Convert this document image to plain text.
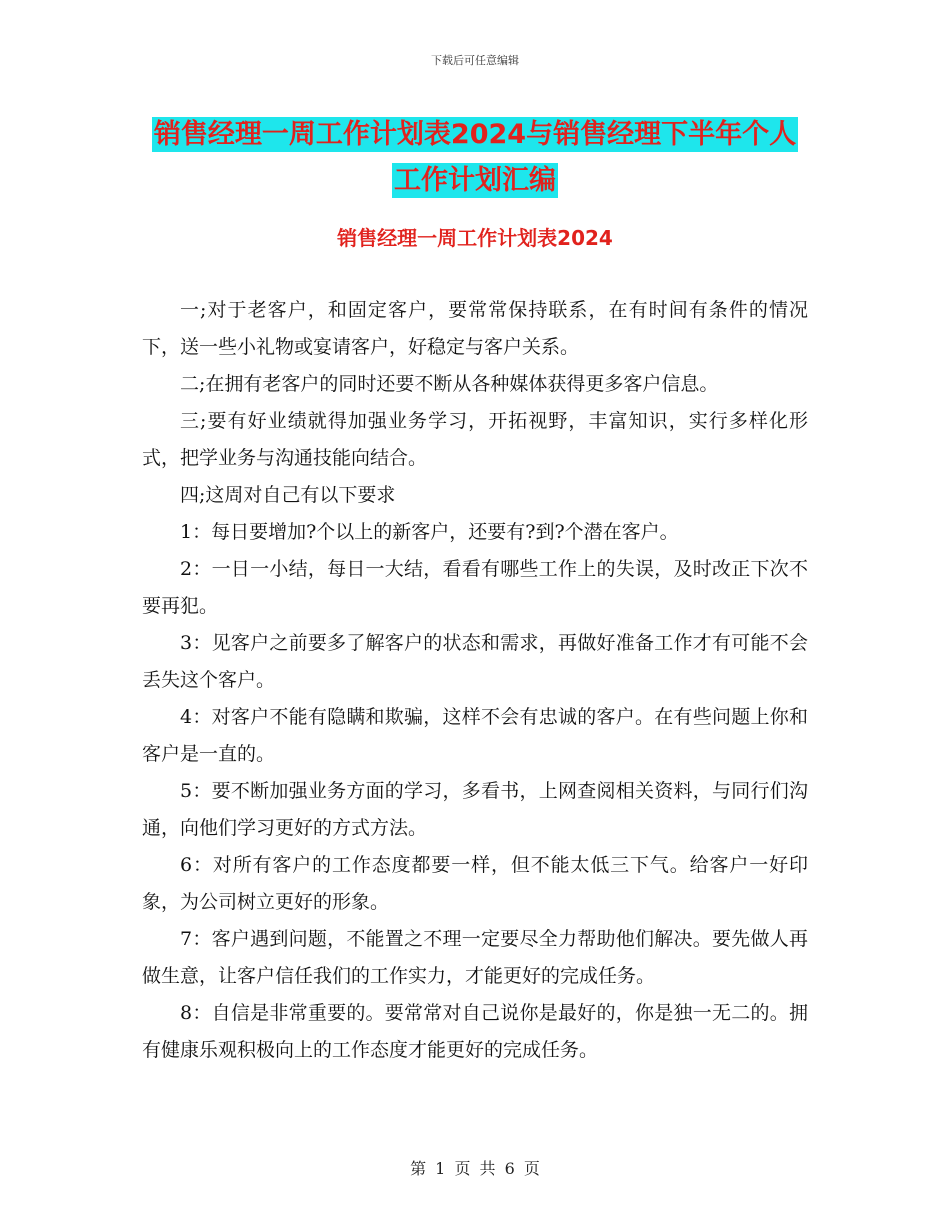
下载后可任意编辑
销售经理一周工作计划表2024与销售经理下半年个人
工作计划汇编
销售经理一周工作计划表2024

一;对于老客户，和固定客户，要常常保持联系，在有时间有条件的情况下，送一些小礼物或宴请客户，好稳定与客户关系。

二;在拥有老客户的同时还要不断从各种媒体获得更多客户信息。

三;要有好业绩就得加强业务学习，开拓视野，丰富知识，实行多样化形式，把学业务与沟通技能向结合。

四;这周对自己有以下要求

1：每日要增加?个以上的新客户，还要有?到?个潜在客户。

2：一日一小结，每日一大结，看看有哪些工作上的失误，及时改正下次不要再犯。

3：见客户之前要多了解客户的状态和需求，再做好准备工作才有可能不会丢失这个客户。

4：对客户不能有隐瞒和欺骗，这样不会有忠诚的客户。在有些问题上你和客户是一直的。

5：要不断加强业务方面的学习，多看书，上网查阅相关资料，与同行们沟通，向他们学习更好的方式方法。

6：对所有客户的工作态度都要一样，但不能太低三下气。给客户一好印象，为公司树立更好的形象。

7：客户遇到问题，不能置之不理一定要尽全力帮助他们解决。要先做人再做生意，让客户信任我们的工作实力，才能更好的完成任务。

8：自信是非常重要的。要常常对自己说你是最好的，你是独一无二的。拥有健康乐观积极向上的工作态度才能更好的完成任务。

第 1 页 共 6 页
